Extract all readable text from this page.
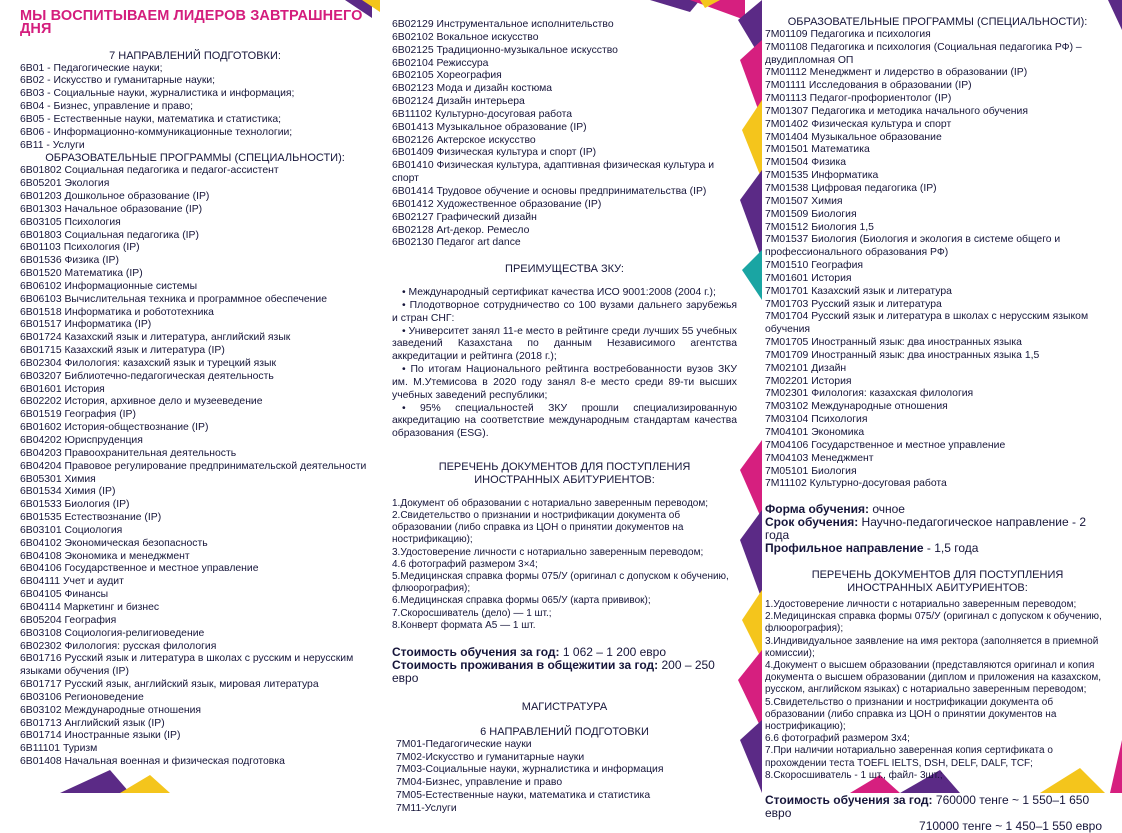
МЫ ВОСПИТЫВАЕМ ЛИДЕРОВ ЗАВТРАШНЕГО ДНЯ
7 НАПРАВЛЕНИЙ ПОДГОТОВКИ:
6В01 - Педагогические науки;
6В02 - Искусство и гуманитарные науки;
6В03 - Социальные науки, журналистика и информация;
6В04 - Бизнес, управление и право;
6В05 - Естественные науки, математика и статистика;
6В06 - Информационно-коммуникационные технологии;
6В11 - Услуги
ОБРАЗОВАТЕЛЬНЫЕ ПРОГРАММЫ (СПЕЦИАЛЬНОСТИ):
6В01802 Социальная педагогика и педагог-ассистент
6В05201 Экология
6В01203 Дошкольное образование (IP)
6В01303 Начальное образование (IP)
6В03105 Психология
6В01803 Социальная педагогика (IP)
6В01103 Психология (IP)
6В01536 Физика (IP)
6В01520 Математика (IP)
6В06102 Информационные системы
6В06103 Вычислительная техника и программное обеспечение
6В01518 Информатика и робототехника
6В01517 Информатика (IP)
6В01724 Казахский язык и литература, английский язык
6В01715 Казахский язык и литература (IP)
6В02304 Филология: казахский язык и турецкий язык
6В03207 Библиотечно-педагогическая деятельность
6В01601 История
6В02202 История, архивное дело и музееведение
6В01519 География (IP)
6В01602 История-обществознание (IP)
6В04202 Юриспруденция
6В04203 Правоохранительная деятельность
6В04204 Правовое регулирование предпринимательской деятельности
6В05301 Химия
6В01534 Химия (IP)
6В01533 Биология (IP)
6В01535 Естествознание (IP)
6В03101 Социология
6В04102 Экономическая безопасность
6В04108 Экономика и менеджмент
6В04106 Государственное и местное управление
6В04111 Учет и аудит
6В04105 Финансы
6В04114 Маркетинг и бизнес
6В05204 География
6В03108 Социология-религиоведение
6В02302 Филология: русская филология
6В01716 Русский язык и литература в школах с русским и нерусским языками обучения (IP)
6В01717 Русский язык, английский язык, мировая литература
6В03106 Регионоведение
6В03102 Международные отношения
6В01713 Английский язык (IP)
6В01714 Иностранные языки (IP)
6В11101 Туризм
6В01408 Начальная военная и физическая подготовка
6В02129 Инструментальное исполнительство
6В02102 Вокальное искусство
6В02125 Традиционно-музыкальное искусство
6В02104 Режиссура
6В02105 Хореография
6В02123 Мода и дизайн костюма
6В02124 Дизайн интерьера
6В11102 Культурно-досуговая работа
6В01413 Музыкальное образование (IP)
6В02126 Актерское искусство
6В01409 Физическая культура и спорт (IP)
6В01410 Физическая культура, адаптивная физическая культура и спорт
6В01414 Трудовое обучение и основы предпринимательства (IP)
6В01412 Художественное образование (IP)
6В02127 Графический дизайн
6В02128 Art-декор. Ремесло
6В02130 Педагог art dance
ПРЕИМУЩЕСТВА ЗКУ:
• Международный сертификат качества ИСО 9001:2008 (2004 г.);
• Плодотворное сотрудничество со 100 вузами дальнего зарубежья и стран СНГ:
• Университет занял 11-е место в рейтинге среди лучших 55 учебных заведений Казахстана по данным Независимого агентства аккредитации и рейтинга (2018 г.);
• По итогам Национального рейтинга востребованности вузов ЗКУ им. М.Утемисова в 2020 году занял 8-е место среди 89-ти высших учебных заведений республики;
• 95% специальностей ЗКУ прошли специализированную аккредитацию на соответствие международным стандартам качества образования (ESG).
ПЕРЕЧЕНЬ ДОКУМЕНТОВ ДЛЯ ПОСТУПЛЕНИЯ ИНОСТРАННЫХ АБИТУРИЕНТОВ:
1.Документ об образовании с нотариально заверенным переводом;
2.Свидетельство о признании и нострификации документа об образовании (либо справка из ЦОН о принятии документов на нострификацию);
3.Удостоверение личности с нотариально заверенным переводом;
4.6 фотографий размером 3×4;
5.Медицинская справка формы 075/У (оригинал с допуском к обучению, флюорография);
6.Медицинская справка формы 065/У (карта прививок);
7.Скоросшиватель (дело) — 1 шт.;
8.Конверт формата А5 — 1 шт.
Стоимость обучения за год: 1 062 – 1 200 евро
Стоимость проживания в общежитии за год: 200 – 250 евро
МАГИСТРАТУРА
6 НАПРАВЛЕНИЙ ПОДГОТОВКИ
7М01-Педагогические науки
7М02-Искусство и гуманитарные науки
7М03-Социальные науки, журналистика и информация
7М04-Бизнес, управление и право
7М05-Естественные науки, математика и статистика
7М11-Услуги
ОБРАЗОВАТЕЛЬНЫЕ ПРОГРАММЫ (СПЕЦИАЛЬНОСТИ):
7М01109 Педагогика и психология
7М01108 Педагогика и психология (Социальная педагогика РФ) – двудипломная ОП
7М01112 Менеджмент и лидерство в образовании (IP)
7М01111 Исследования в образовании (IP)
7М01113 Педагог-профориентолог (IP)
7М01307 Педагогика и методика начального обучения
7М01402 Физическая культура и спорт
7М01404 Музыкальное образование
7М01501 Математика
7М01504 Физика
7М01535 Информатика
7М01538 Цифровая педагогика (IP)
7М01507 Химия
7М01509 Биология
7М01512 Биология 1,5
7М01537 Биология (Биология и экология в системе общего и профессионального образования РФ)
7М01510 География
7М01601 История
7М01701 Казахский язык и литература
7М01703 Русский язык и литература
7М01704 Русский язык и литература в школах с нерусским языком обучения
7М01705 Иностранный язык: два иностранных языка
7М01709 Иностранный язык: два иностранных языка 1,5
7М02101 Дизайн
7М02201 История
7М02301 Филология: казахская филология
7М03102 Международные отношения
7М03104 Психология
7М04101 Экономика
7М04106 Государственное и местное управление
7М04103 Менеджмент
7М05101 Биология
7М11102 Культурно-досуговая работа
Форма обучения: очное
Срок обучения: Научно-педагогическое направление - 2 года
Профильное направление - 1,5 года
ПЕРЕЧЕНЬ ДОКУМЕНТОВ ДЛЯ ПОСТУПЛЕНИЯ ИНОСТРАННЫХ АБИТУРИЕНТОВ:
1.Удостоверение личности с нотариально заверенным переводом;
2.Медицинская справка формы 075/У (оригинал с допуском к обучению, флюорография);
3.Индивидуальное заявление на имя ректора (заполняется в приемной комиссии);
4.Документ о высшем образовании (представляются оригинал и копия документа о высшем образовании (диплом и приложения на казахском, русском, английском языках) с нотариально заверенным переводом;
5.Свидетельство о признании и нострификации документа об образовании (либо справка из ЦОН о принятии документов на нострификацию);
6.6 фотографий размером 3х4;
7.При наличии нотариально заверенная копия сертификата о прохождении теста TOEFL IELTS, DSH, DELF, DALF, TCF;
8.Скоросшиватель - 1 шт., файл- 3шт.;
Стоимость обучения за год: 760000 тенге ~ 1 550–1 650 евро
710000 тенге ~ 1 450–1 550 евро
